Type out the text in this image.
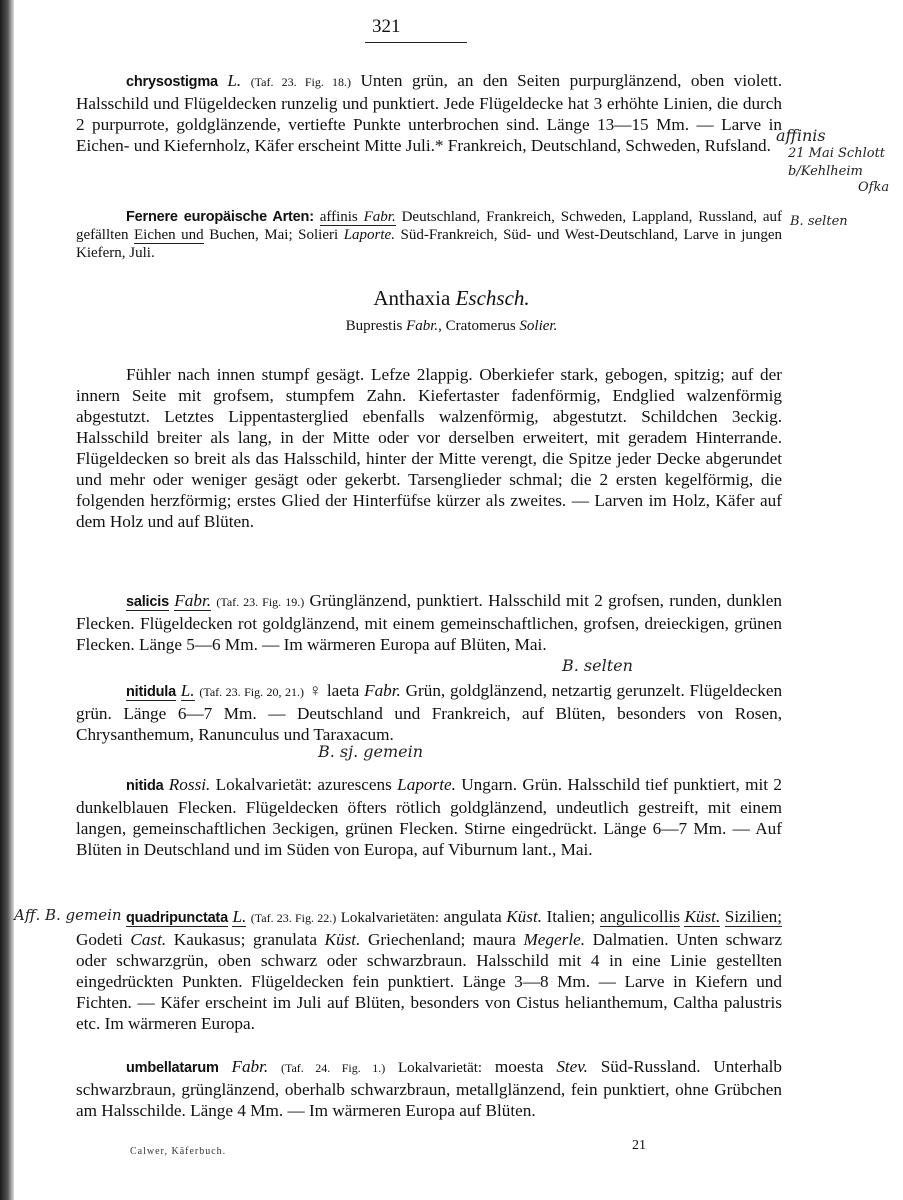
321

chrysostigma L. (Taf. 23. Fig. 18.) Unten grün, an den Seiten purpurglänzend, oben violett. Halsschild und Flügeldecken runzelig und punktiert. Jede Flügeldecke hat 3 erhöhte Linien, die durch 2 purpurrote, goldglänzende, vertiefte Punkte unterbrochen sind. Länge 13—15 Mm. — Larve in Eichen- und Kiefernholz, Käfer erscheint Mitte Juli.* Frankreich, Deutschland, Schweden, Rufsland.

Fernere europäische Arten: affinis Fabr. Deutschland, Frankreich, Schweden, Lappland, Russland, auf gefällten Eichen und Buchen, Mai; Solieri Laporte. Süd-Frankreich, Süd- und West-Deutschland, Larve in jungen Kiefern, Juli.

Anthaxia Eschsch.
Buprestis Fabr., Cratomerus Solier.

Fühler nach innen stumpf gesägt. Lefze 2lappig. Oberkiefer stark, gebogen, spitzig; auf der innern Seite mit grofsem, stumpfem Zahn. Kiefertaster fadenförmig, Endglied walzenförmig abgestutzt. Letztes Lippentasterglied ebenfalls walzenförmig, abgestutzt. Schildchen 3eckig. Halsschild breiter als lang, in der Mitte oder vor derselben erweitert, mit geradem Hinterrande. Flügeldecken so breit als das Halsschild, hinter der Mitte verengt, die Spitze jeder Decke abgerundet und mehr oder weniger gesägt oder gekerbt. Tarsenglieder schmal; die 2 ersten kegelförmig, die folgenden herzförmig; erstes Glied der Hinterfüfse kürzer als zweites. — Larven im Holz, Käfer auf dem Holz und auf Blüten.

salicis Fabr. (Taf. 23. Fig. 19.) Grünglänzend, punktiert. Halsschild mit 2 grofsen, runden, dunklen Flecken. Flügeldecken rot goldglänzend, mit einem gemeinschaftlichen, grofsen, dreieckigen, grünen Flecken. Länge 5—6 Mm. — Im wärmeren Europa auf Blüten, Mai.

nitidula L. (Taf. 23. Fig. 20, 21.) ♀ laeta Fabr. Grün, goldglänzend, netzartig gerunzelt. Flügeldecken grün. Länge 6—7 Mm. — Deutschland und Frankreich, auf Blüten, besonders von Rosen, Chrysanthemum, Ranunculus und Taraxacum.

nitida Rossi. Lokalvarietät: azurescens Laporte. Ungarn. Grün. Halsschild tief punktiert, mit 2 dunkelblauen Flecken. Flügeldecken öfters rötlich goldglänzend, undeutlich gestreift, mit einem langen, gemeinschaftlichen 3eckigen, grünen Flecken. Stirne eingedrückt. Länge 6—7 Mm. — Auf Blüten in Deutschland und im Süden von Europa, auf Viburnum lant., Mai.

quadripunctata L. (Taf. 23. Fig. 22.) Lokalvarietäten: angulata Küst. Italien; angulicollis Küst. Sizilien; Godeti Cast. Kaukasus; granulata Küst. Griechenland; maura Megerle. Dalmatien. Unten schwarz oder schwarzgrün, oben schwarz oder schwarzbraun. Halsschild mit 4 in eine Linie gestellten eingedrückten Punkten. Flügeldecken fein punktiert. Länge 3—8 Mm. — Larve in Kiefern und Fichten. — Käfer erscheint im Juli auf Blüten, besonders von Cistus helianthemum, Caltha palustris etc. Im wärmeren Europa.

umbellatarum Fabr. (Taf. 24. Fig. 1.) Lokalvarietät: moesta Stev. Süd-Russland. Unterhalb schwarzbraun, grünglänzend, oberhalb schwarzbraun, metallglänzend, fein punktiert, ohne Grübchen am Halsschilde. Länge 4 Mm. — Im wärmeren Europa auf Blüten.

Calwer, Käferbuch.	21
affinis
21 Mai Schlott
b/Kehlheim
Ofka
B. selten
B. selten
B. sj. gemein
Aff. B. gemein
